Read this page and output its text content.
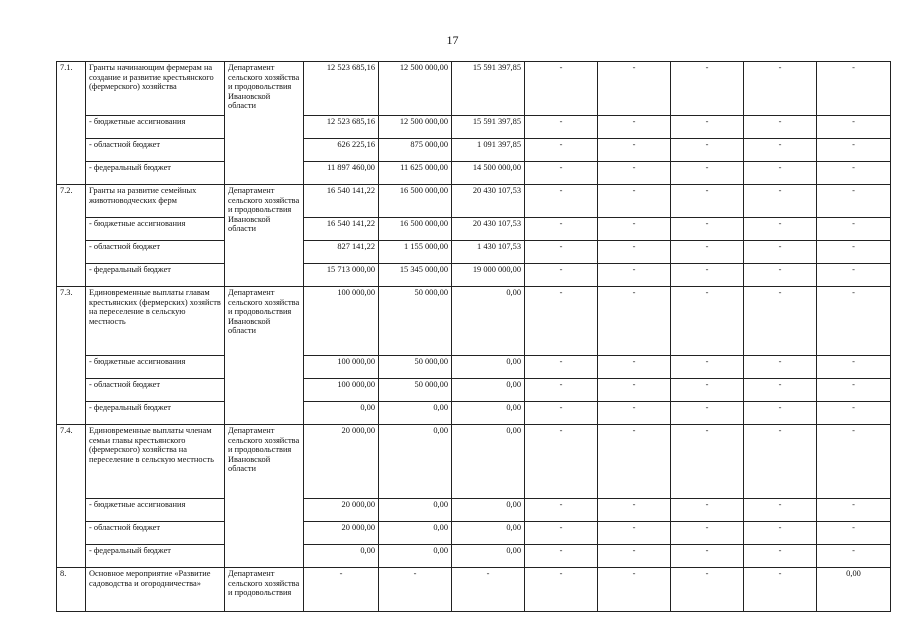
17
7.1.	Гранты начинающим фермерам на создание и развитие крестьянского (фермерского) хозяйства	Департамент сельского хозяйства и продовольствия Ивановской области	12 523 685,16	12 500 000,00	15 591 397,85	-	-	-	-	-
	- бюджетные ассигнования		12 523 685,16	12 500 000,00	15 591 397,85	-	-	-	-	-
	- областной бюджет		626 225,16	875 000,00	1 091 397,85	-	-	-	-	-
	- федеральный бюджет		11 897 460,00	11 625 000,00	14 500 000,00	-	-	-	-	-
7.2.	Гранты на развитие семейных животноводческих ферм	Департамент сельского хозяйства и продовольствия Ивановской области	16 540 141,22	16 500 000,00	20 430 107,53	-	-	-	-	-
	- бюджетные ассигнования		16 540 141,22	16 500 000,00	20 430 107,53	-	-	-	-	-
	- областной бюджет		827 141,22	1 155 000,00	1 430 107,53	-	-	-	-	-
	- федеральный бюджет		15 713 000,00	15 345 000,00	19 000 000,00	-	-	-	-	-
7.3.	Единовременные выплаты главам крестьянских (фермерских) хозяйств на переселение в сельскую местность	Департамент сельского хозяйства и продовольствия Ивановской области	100 000,00	50 000,00	0,00	-	-	-	-	-
	- бюджетные ассигнования		100 000,00	50 000,00	0,00	-	-	-	-	-
	- областной бюджет		100 000,00	50 000,00	0,00	-	-	-	-	-
	- федеральный бюджет		0,00	0,00	0,00	-	-	-	-	-
7.4.	Единовременные выплаты членам семьи главы крестьянского (фермерского) хозяйства на переселение в сельскую местность	Департамент сельского хозяйства и продовольствия Ивановской области	20 000,00	0,00	0,00	-	-	-	-	-
	- бюджетные ассигнования		20 000,00	0,00	0,00	-	-	-	-	-
	- областной бюджет		20 000,00	0,00	0,00	-	-	-	-	-
	- федеральный бюджет		0,00	0,00	0,00	-	-	-	-	-
8.	Основное мероприятие «Развитие садоводства и огородничества»	Департамент сельского хозяйства и продовольствия	-	-	-	-	-	-	-	0,00
